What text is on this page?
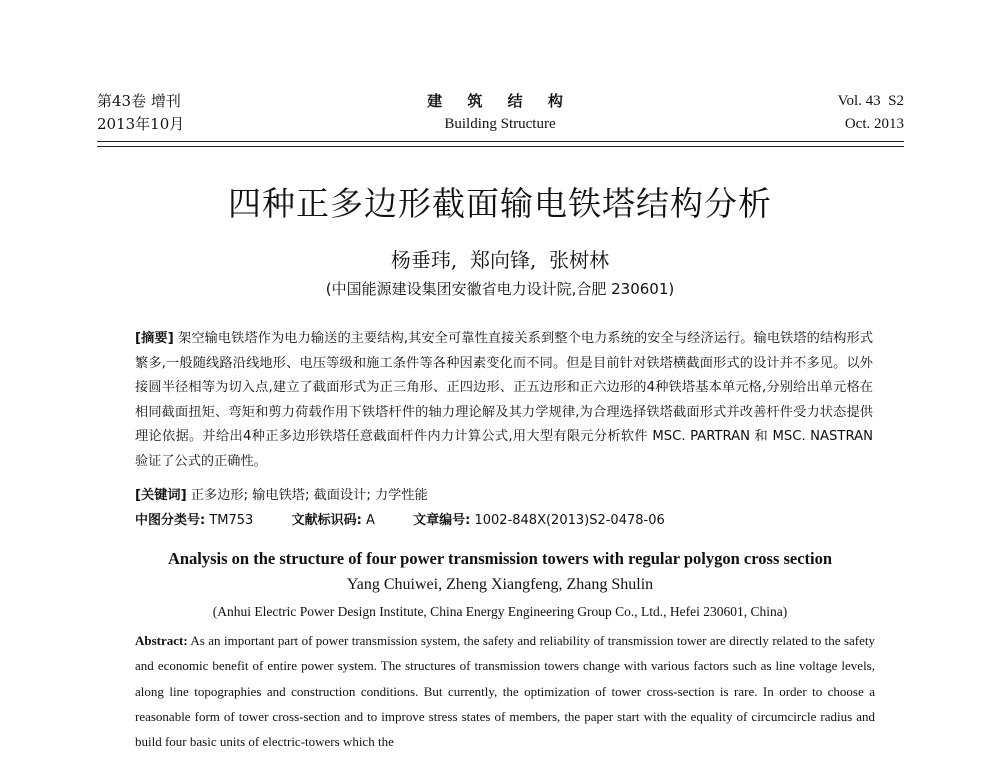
第43卷 增刊
2013年10月
建 筑 结 构
Building Structure
Vol. 43  S2
Oct. 2013
四种正多边形截面输电铁塔结构分析
杨垂玮,  郑向锋,  张树林
(中国能源建设集团安徽省电力设计院,合肥 230601)
[摘要] 架空输电铁塔作为电力输送的主要结构,其安全可靠性直接关系到整个电力系统的安全与经济运行。输电铁塔的结构形式繁多,一般随线路沿线地形、电压等级和施工条件等各种因素变化而不同。但是目前针对铁塔横截面形式的设计并不多见。以外接圆半径相等为切入点,建立了截面形式为正三角形、正四边形、正五边形和正六边形的4种铁塔基本单元格,分别给出单元格在相同截面扭矩、弯矩和剪力荷载作用下铁塔杆件的轴力理论解及其力学规律,为合理选择铁塔截面形式并改善杆件受力状态提供理论依据。并给出4种正多边形铁塔任意截面杆件内力计算公式,用大型有限元分析软件 MSC. PARTRAN 和 MSC. NASTRAN 验证了公式的正确性。
[关键词] 正多边形; 输电铁塔; 截面设计; 力学性能
中图分类号: TM753	文献标识码: A	文章编号: 1002-848X(2013)S2-0478-06
Analysis on the structure of four power transmission towers with regular polygon cross section
Yang Chuiwei, Zheng Xiangfeng, Zhang Shulin
(Anhui Electric Power Design Institute, China Energy Engineering Group Co., Ltd., Hefei 230601, China)
Abstract: As an important part of power transmission system, the safety and reliability of transmission tower are directly related to the safety and economic benefit of entire power system. The structures of transmission towers change with various factors such as line voltage levels, along line topographies and construction conditions. But currently, the optimization of tower cross-section is rare. In order to choose a reasonable form of tower cross-section and to improve stress states of members, the paper start with the equality of circumcircle radius and build four basic units of electric-towers which the
